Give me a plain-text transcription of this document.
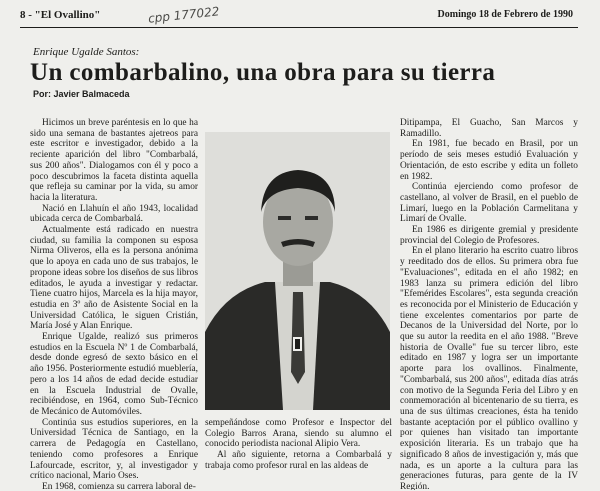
8 - "El Ovallino"	Domingo 18 de Febrero de 1990
cpp 177022
Enrique Ugalde Santos:
Un combarbalino, una obra para su tierra
Por: Javier Balmaceda

Hicimos un breve paréntesis en lo que ha sido una semana de bastantes ajetreos para este escritor e investigador, debido a la reciente aparición del libro "Combarbalá, sus 200 años". Dialogamos con él y poco a poco descubrimos la faceta distinta aquella que refleja su caminar por la vida, su amor hacia la literatura.

Nació en Llahuín el año 1943, localidad ubicada cerca de Combarbalá.

Actualmente está radicado en nuestra ciudad, su familia la componen su esposa Nirma Oliveros, ella es la persona anónima que lo apoya en cada uno de sus trabajos, le propone ideas sobre los diseños de sus libros editados, le ayuda a investigar y redactar. Tiene cuatro hijos, Marcela es la hija mayor, estudia en 3º año de Asistente Social en la Universidad Católica, le siguen Cristián, María José y Alan Enrique.

Enrique Ugalde, realizó sus primeros estudios en la Escuela Nº 1 de Combarbalá, desde donde egresó de sexto básico en el año 1956. Posteriormente estudió mueblería, pero a los 14 años de edad decide estudiar en la Escuela Industrial de Ovalle, recibiéndose, en 1964, como Sub-Técnico de Mecánico de Automóviles.

Continúa sus estudios superiores, en la Universidad Técnica de Santiago, en la carrera de Pedagogía en Castellano, teniendo como profesores a Enrique Lafourcade, escritor, y, al investigador y crítico nacional, Mario Oses.

En 1968, comienza su carrera laboral de-

sempeñándose como Profesor e Inspector del Colegio Barros Arana, siendo su alumno el conocido periodista nacional Alipio Vera.

Al año siguiente, retorna a Combarbalá y trabaja como profesor rural en las aldeas de

Ditipampa, El Guacho, San Marcos y Ramadillo.

En 1981, fue becado en Brasil, por un período de seis meses estudió Evaluación y Orientación, de esto escribe y edita un folleto en 1982.

Continúa ejerciendo como profesor de castellano, al volver de Brasil, en el pueblo de Limarí, luego en la Población Carmelitana y Limarí de Ovalle.

En 1986 es dirigente gremial y presidente provincial del Colegio de Profesores.

En el plano literario ha escrito cuatro libros y reeditado dos de ellos. Su primera obra fue "Evaluaciones", editada en el año 1982; en 1983 lanza su primera edición del libro "Efemérides Escolares", esta segunda creación es reconocida por el Ministerio de Educación y tiene excelentes comentarios por parte de Decanos de la Universidad del Norte, por lo que su autor la reedita en el año 1988. "Breve historia de Ovalle" fue su tercer libro, este editado en 1987 y logra ser un importante aporte para los ovallinos. Finalmente, "Combarbalá, sus 200 años", editada días atrás con motivo de la Segunda Feria del Libro y en conmemoración al bicentenario de su tierra, es una de sus últimas creaciones, ésta ha tenido bastante aceptación por el público ovallino y por quienes han visitado tan importante exposición literaria. Es un trabajo que ha significado 8 años de investigación y, más que nada, es un aporte a la cultura para las generaciones futuras, para gente de la IV Región.
